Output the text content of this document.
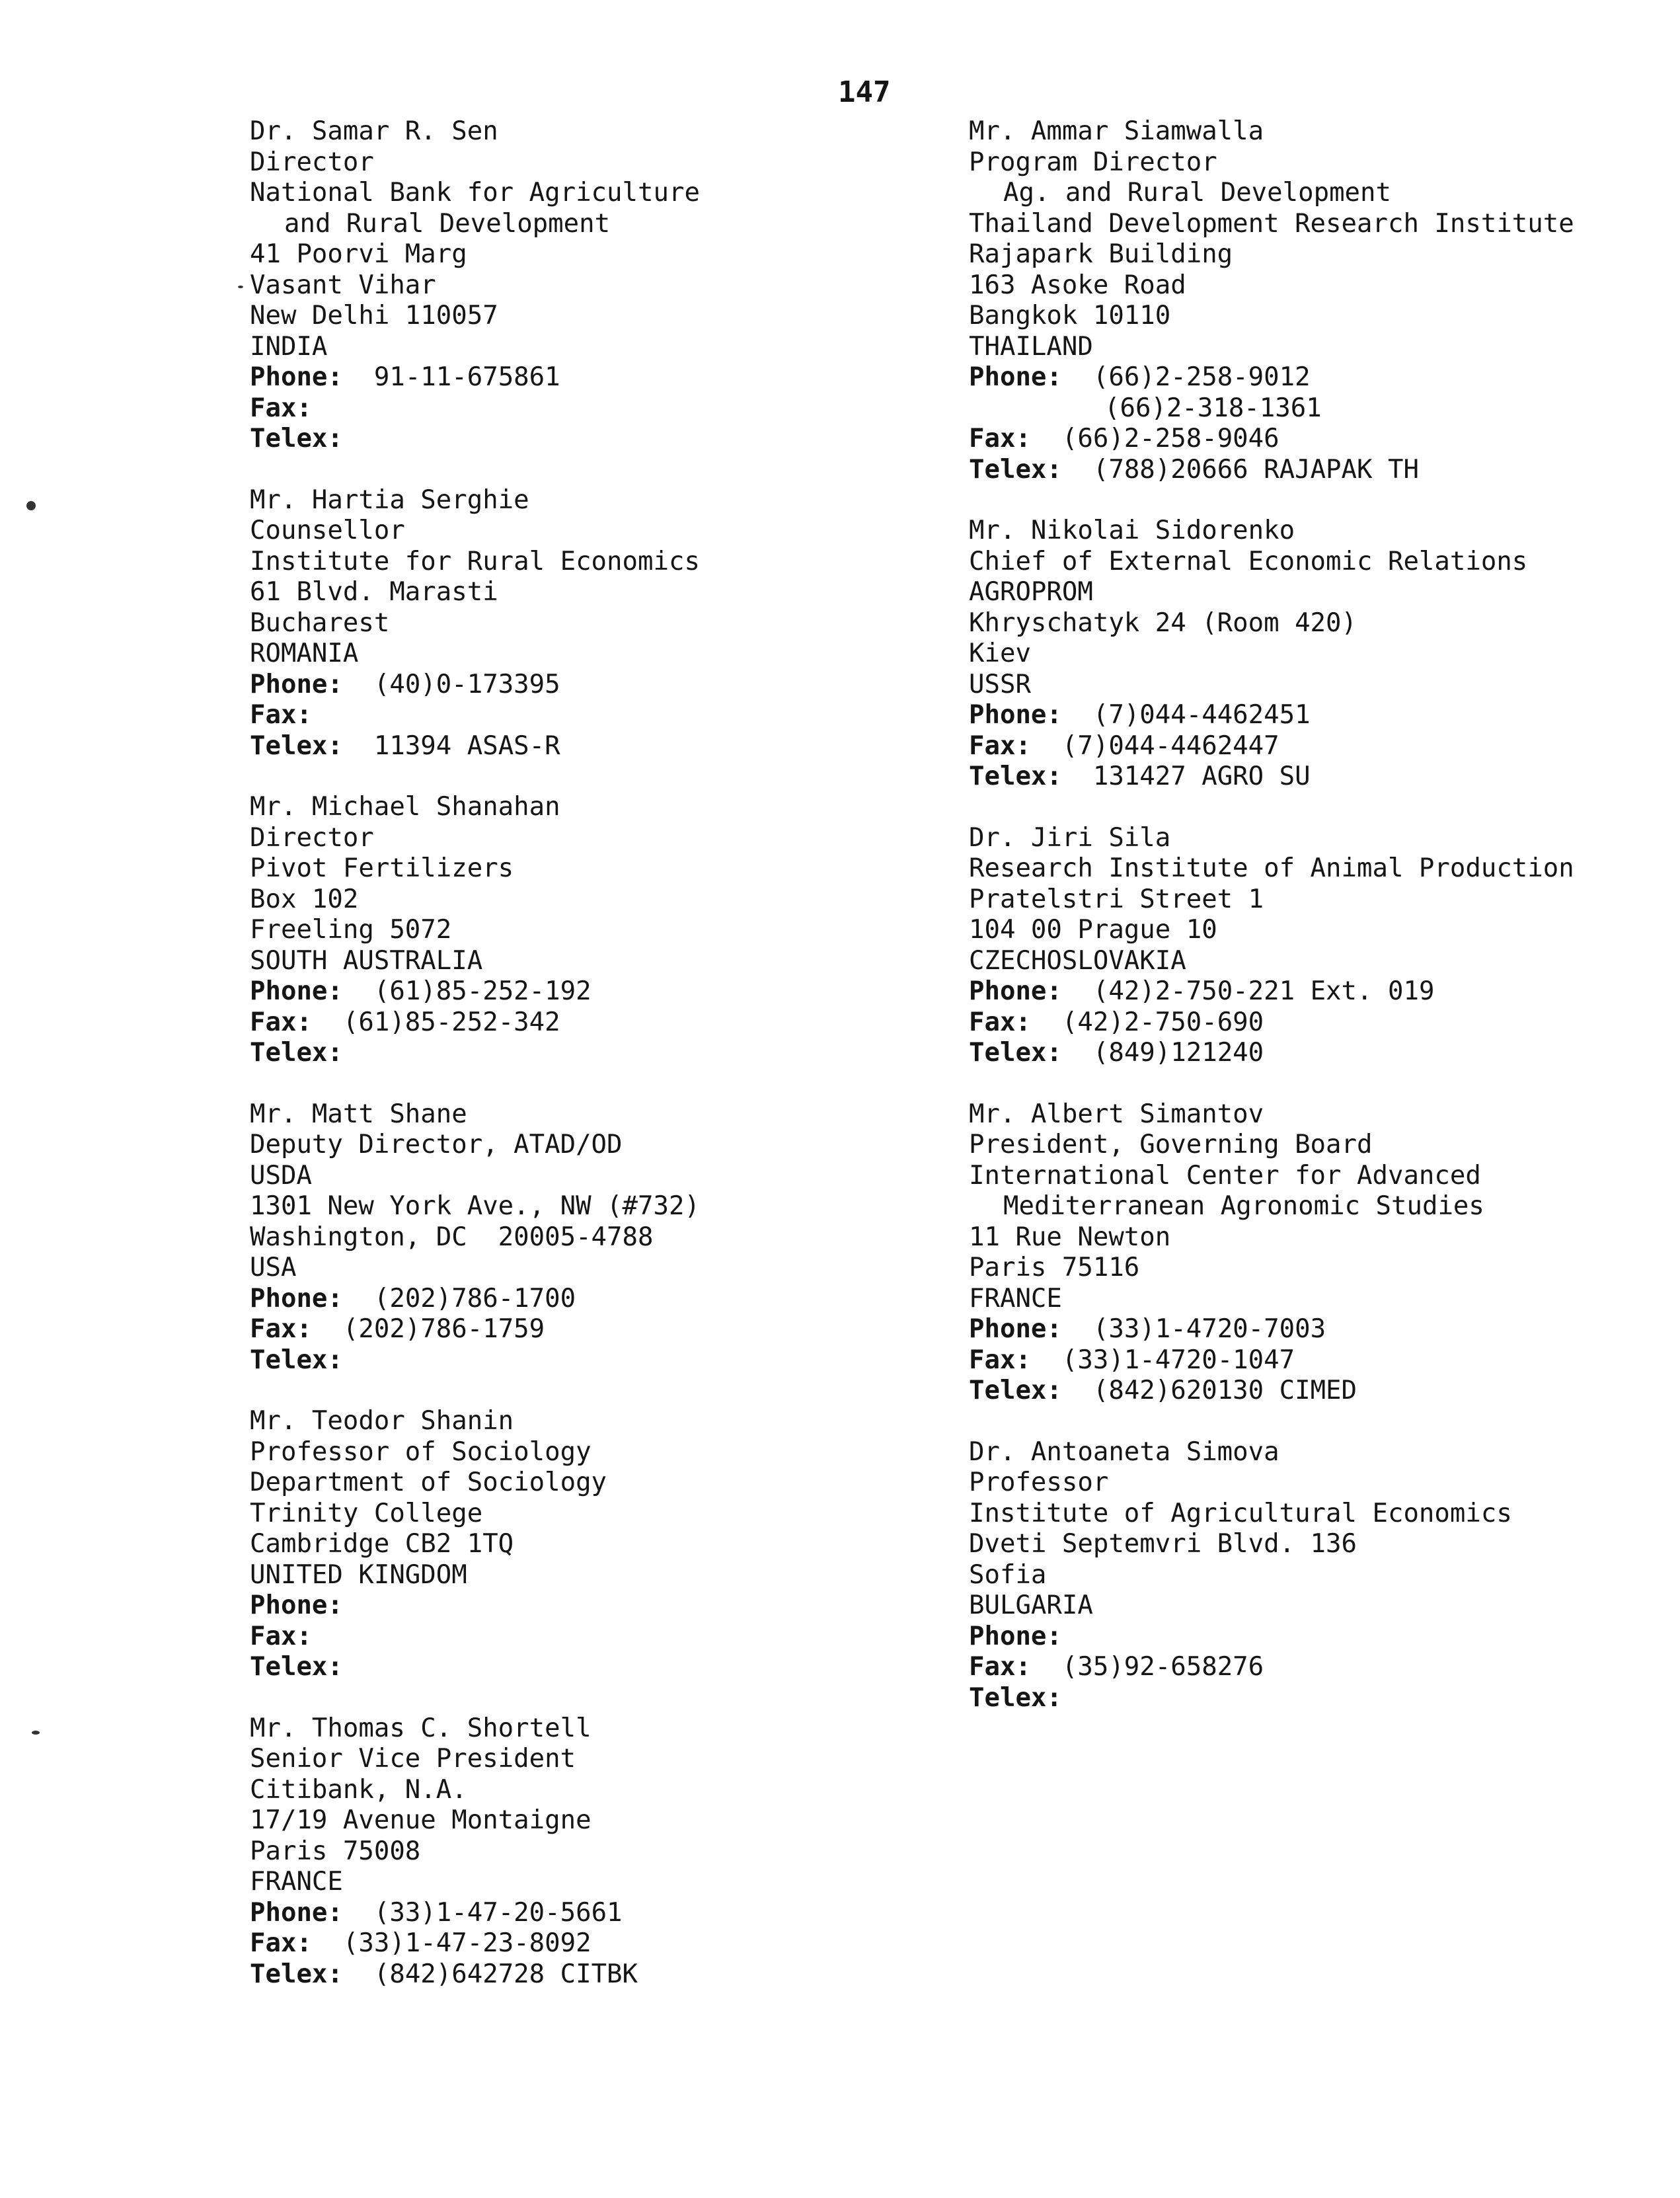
147
Dr. Samar R. Sen
Director
National Bank for Agriculture
and Rural Development
41 Poorvi Marg
Vasant Vihar
New Delhi 110057
INDIA
Phone: 91-11-675861
Fax:
Telex:
Mr. Hartia Serghie
Counsellor
Institute for Rural Economics
61 Blvd. Marasti
Bucharest
ROMANIA
Phone: (40)0-173395
Fax:
Telex: 11394 ASAS-R
Mr. Michael Shanahan
Director
Pivot Fertilizers
Box 102
Freeling 5072
SOUTH AUSTRALIA
Phone: (61)85-252-192
Fax: (61)85-252-342
Telex:
Mr. Matt Shane
Deputy Director, ATAD/OD
USDA
1301 New York Ave., NW (#732)
Washington, DC  20005-4788
USA
Phone: (202)786-1700
Fax: (202)786-1759
Telex:
Mr. Teodor Shanin
Professor of Sociology
Department of Sociology
Trinity College
Cambridge CB2 1TQ
UNITED KINGDOM
Phone:
Fax:
Telex:
Mr. Thomas C. Shortell
Senior Vice President
Citibank, N.A.
17/19 Avenue Montaigne
Paris 75008
FRANCE
Phone: (33)1-47-20-5661
Fax: (33)1-47-23-8092
Telex: (842)642728 CITBK
Mr. Ammar Siamwalla
Program Director
Ag. and Rural Development
Thailand Development Research Institute
Rajapark Building
163 Asoke Road
Bangkok 10110
THAILAND
Phone: (66)2-258-9012
(66)2-318-1361
Fax: (66)2-258-9046
Telex: (788)20666 RAJAPAK TH
Mr. Nikolai Sidorenko
Chief of External Economic Relations
AGROPROM
Khryschatyk 24 (Room 420)
Kiev
USSR
Phone: (7)044-4462451
Fax: (7)044-4462447
Telex: 131427 AGRO SU
Dr. Jiri Sila
Research Institute of Animal Production
Pratelstri Street 1
104 00 Prague 10
CZECHOSLOVAKIA
Phone: (42)2-750-221 Ext. 019
Fax: (42)2-750-690
Telex: (849)121240
Mr. Albert Simantov
President, Governing Board
International Center for Advanced
Mediterranean Agronomic Studies
11 Rue Newton
Paris 75116
FRANCE
Phone: (33)1-4720-7003
Fax: (33)1-4720-1047
Telex: (842)620130 CIMED
Dr. Antoaneta Simova
Professor
Institute of Agricultural Economics
Dveti Septemvri Blvd. 136
Sofia
BULGARIA
Phone:
Fax: (35)92-658276
Telex:
